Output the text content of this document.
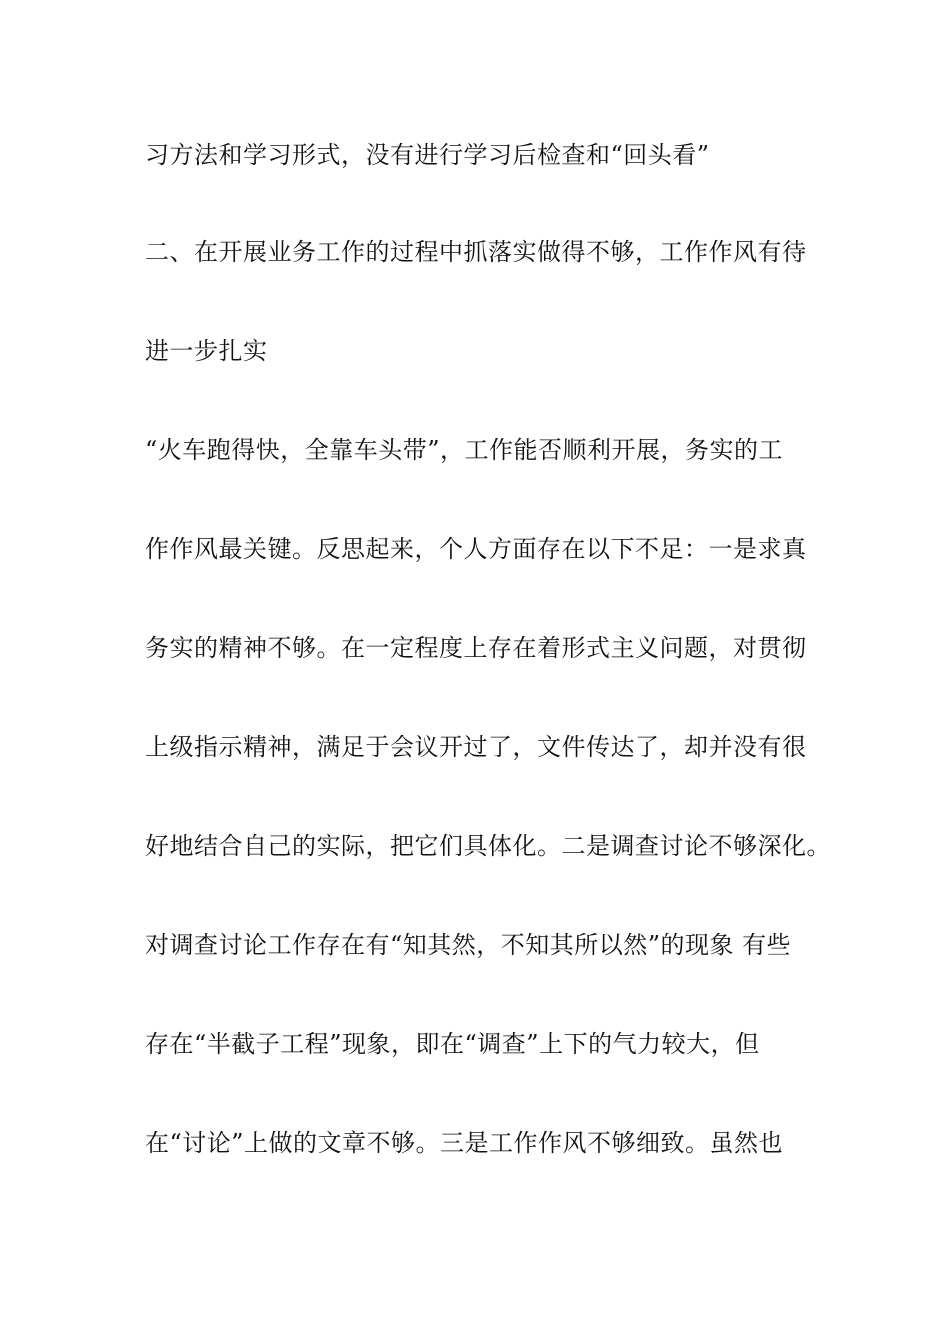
习方法和学习形式，没有进行学习后检查和“回头看”
二、在开展业务工作的过程中抓落实做得不够，工作作风有待
进一步扎实
“火车跑得快，全靠车头带”，工作能否顺利开展，务实的工
作作风最关键。反思起来，个人方面存在以下不足：一是求真
务实的精神不够。在一定程度上存在着形式主义问题，对贯彻
上级指示精神，满足于会议开过了，文件传达了，却并没有很
好地结合自己的实际，把它们具体化。二是调查讨论不够深化。
对调查讨论工作存在有“知其然，不知其所以然”的现象 有些
存在“半截子工程”现象，即在“调查”上下的气力较大，但
在“讨论”上做的文章不够。三是工作作风不够细致。虽然也
